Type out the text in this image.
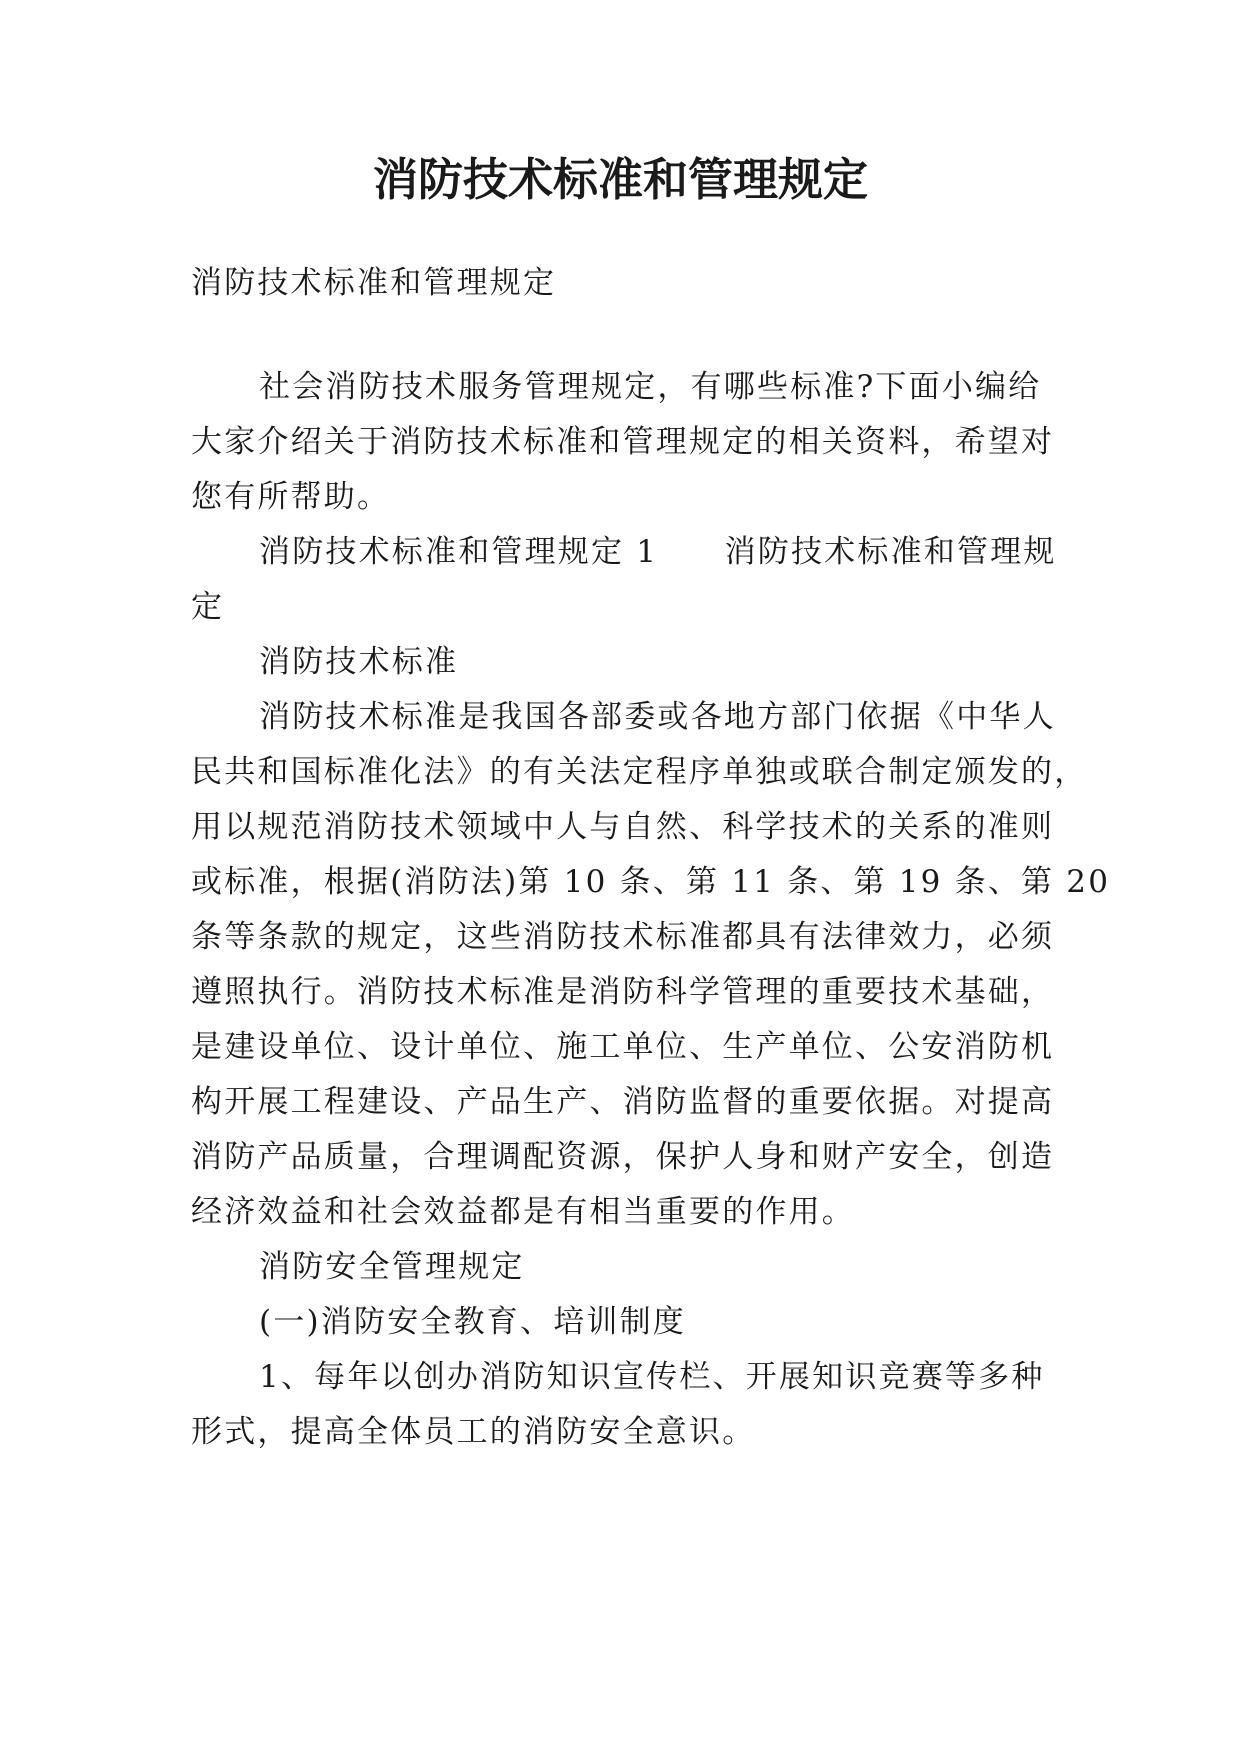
消防技术标准和管理规定
消防技术标准和管理规定
社会消防技术服务管理规定，有哪些标准?下面小编给
大家介绍关于消防技术标准和管理规定的相关资料，希望对
您有所帮助。
消防技术标准和管理规定 1　　消防技术标准和管理规
定
消防技术标准
消防技术标准是我国各部委或各地方部门依据《中华人
民共和国标准化法》的有关法定程序单独或联合制定颁发的，
用以规范消防技术领域中人与自然、科学技术的关系的准则
或标准，根据(消防法)第 10 条、第 11 条、第 19 条、第 20
条等条款的规定，这些消防技术标准都具有法律效力，必须
遵照执行。消防技术标准是消防科学管理的重要技术基础，
是建设单位、设计单位、施工单位、生产单位、公安消防机
构开展工程建设、产品生产、消防监督的重要依据。对提高
消防产品质量，合理调配资源，保护人身和财产安全，创造
经济效益和社会效益都是有相当重要的作用。
消防安全管理规定
(一)消防安全教育、培训制度
1、每年以创办消防知识宣传栏、开展知识竞赛等多种
形式，提高全体员工的消防安全意识。
